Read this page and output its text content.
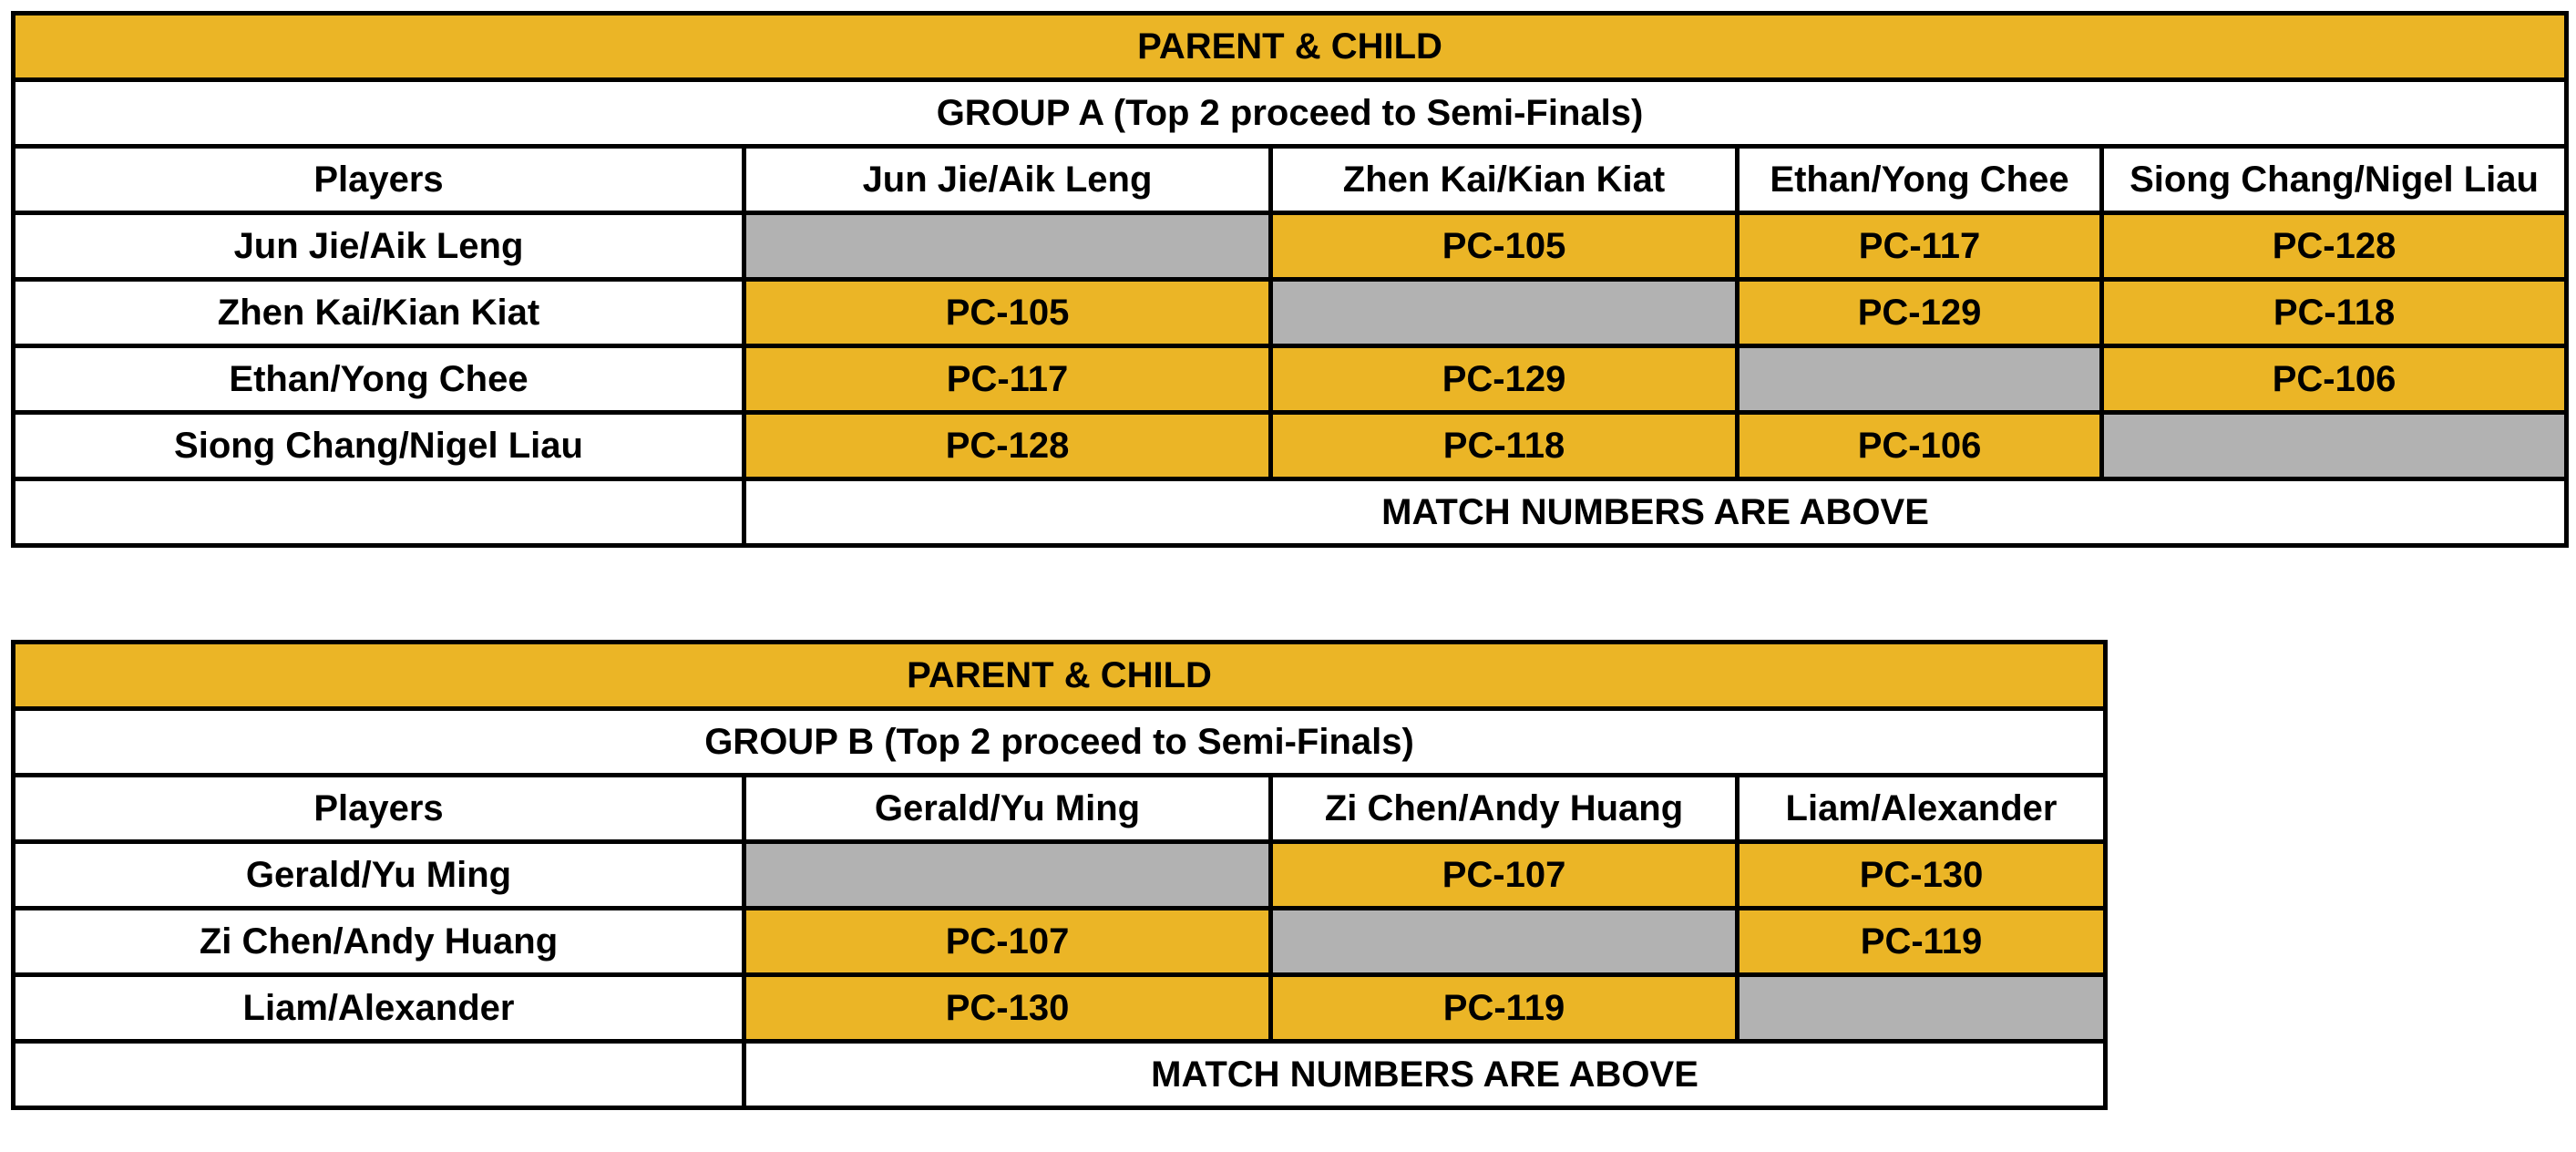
PARENT & CHILD				
GROUP A (Top 2 proceed to Semi-Finals)				
Players	Jun Jie/Aik Leng	Zhen Kai/Kian Kiat	Ethan/Yong Chee	Siong Chang/Nigel Liau
Jun Jie/Aik Leng		PC-105	PC-117	PC-128
Zhen Kai/Kian Kiat	PC-105		PC-129	PC-118
Ethan/Yong Chee	PC-117	PC-129		PC-106
Siong Chang/Nigel Liau	PC-128	PC-118	PC-106	
	MATCH NUMBERS ARE ABOVE			
PARENT & CHILD			
GROUP B (Top 2 proceed to Semi-Finals)			
Players	Gerald/Yu Ming	Zi Chen/Andy Huang	Liam/Alexander
Gerald/Yu Ming		PC-107	PC-130
Zi Chen/Andy Huang	PC-107		PC-119
Liam/Alexander	PC-130	PC-119	
	MATCH NUMBERS ARE ABOVE		
